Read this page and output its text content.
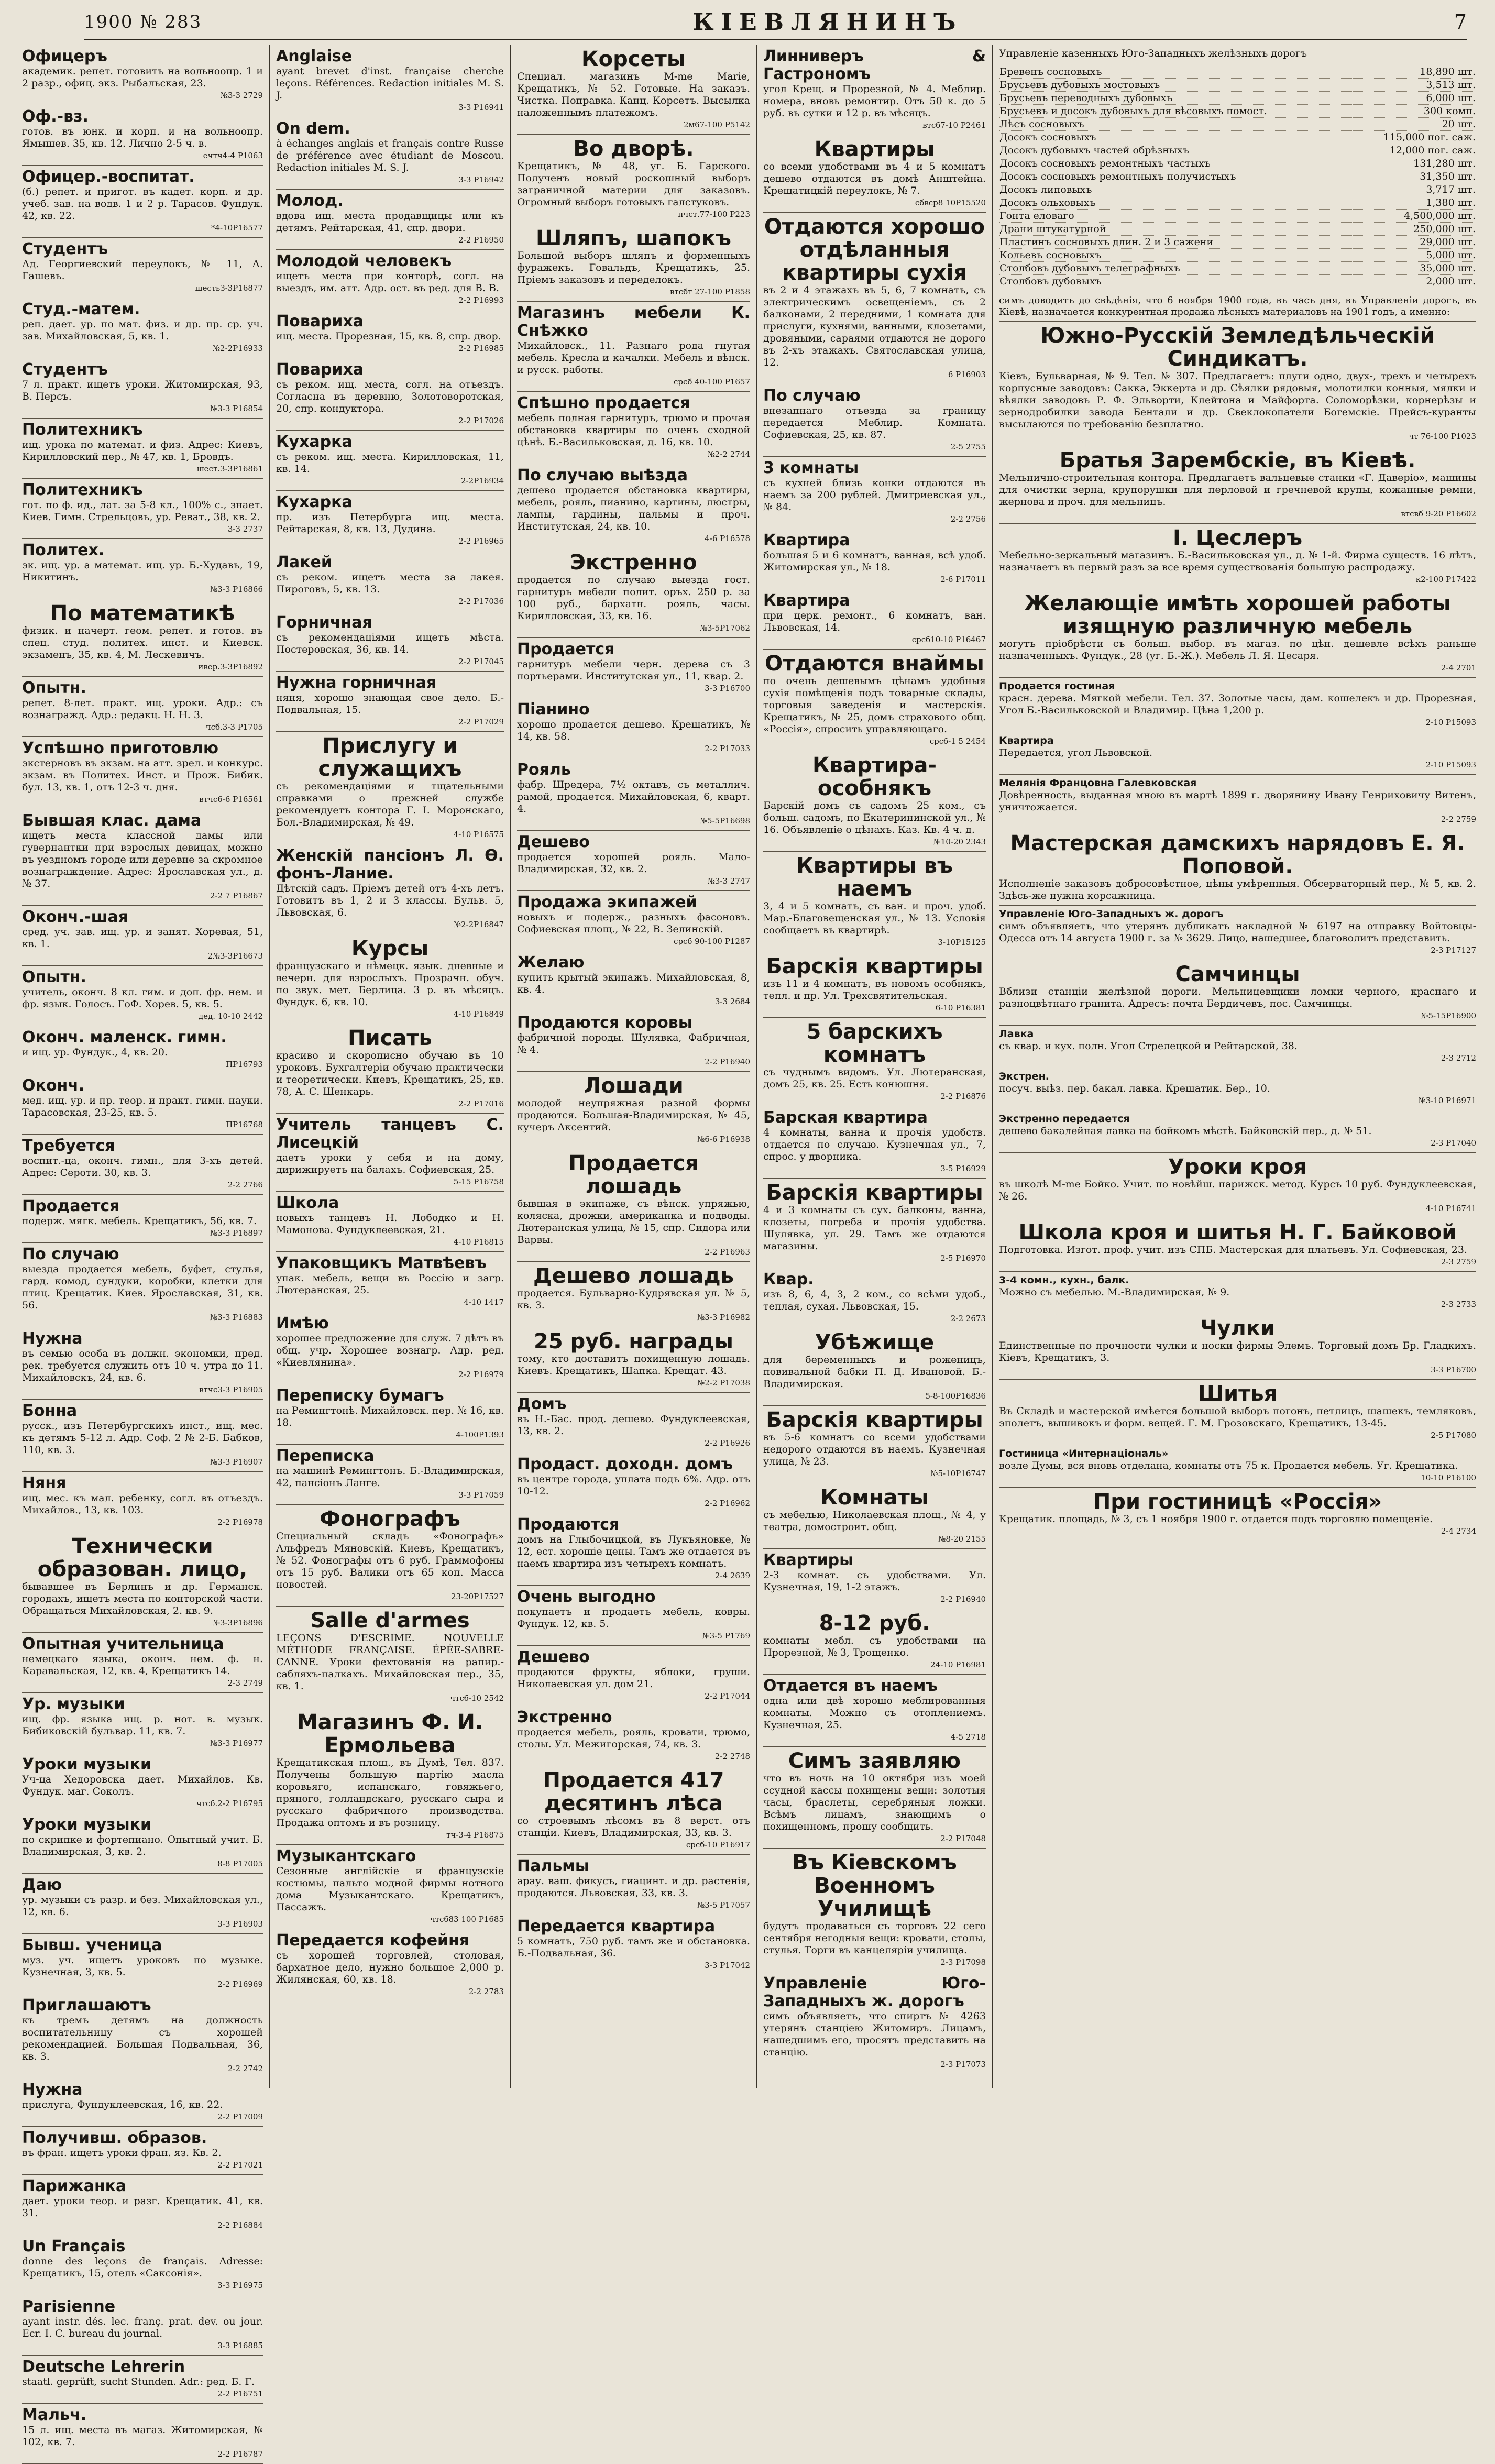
1900 № 283	КІЕВЛЯНИНЪ	7
Офицеръ
академик. репет. готовитъ на вольноопр. 1 и 2 разр., офиц. экз. Рыбальская, 23.
№3-3 2729
Оф.-вз.
готов. въ юнк. и корп. и на вольноопр. Ямышев. 35, кв. 12. Лично 2-5 ч. в.
ечтч4-4 P1063
Офицер.-воспитат.
(б.) репет. и пригот. въ кадет. корп. и др. учеб. зав. на водв. 1 и 2 р. Тарасов. Фундук. 42, кв. 22.
*4-10P16577
Студентъ
Ад. Георгиевский переулокъ, № 11, А. Гашевъ.
шестьЗ-3P16877
Студ.-матем.
реп. дает. ур. по мат. физ. и др. пр. ср. уч. зав. Михайловская, 5, кв. 1.
№2-2P16933
Студентъ
7 л. практ. ищетъ уроки. Житомирская, 93, В. Персъ.
№3-3 P16854
Политехникъ
ищ. урока по математ. и физ. Адрес: Киевъ, Кирилловский пер., № 47, кв. 1, Бровдъ.
шест.3-3P16861
Политехникъ
гот. по ф. ид., лат. за 5-8 кл., 100% с., знает. Киев. Гимн. Стрельцовъ, ур. Реват., 38, кв. 2.
3-3 2737
Политех.
эк. ищ. ур. а математ. ищ. ур. Б.-Худавъ, 19, Никитинъ.
№3-3 P16866
По математикѣ
физик. и начерт. геом. репет. и готов. въ спец. студ. политех. инст. и Киевск. экзаменъ, 35, кв. 4, М. Лескевичъ.
ивер.3-3P16892
Опытн.
репет. 8-лет. практ. ищ. уроки. Адр.: съ вознагражд. Адр.: редакц. Н. Н. 3.
чсб.3-3 P1705
Успѣшно приготовлю
экстерновъ въ экзам. на атт. зрел. и конкурс. экзам. въ Политех. Инст. и Прож. Бибик. бул. 13, кв. 1, отъ 12-3 ч. дня.
втчс6-6 P16561
Бывшая клас. дама
ищетъ места классной дамы или гувернантки при взрослых девицах, можно въ уездномъ городе или деревне за скромное вознаграждение. Адрес: Ярославская ул., д. № 37.
2-2 7 P16867
Оконч.-шая
сред. уч. зав. ищ. ур. и занят. Хоревая, 51, кв. 1.
2№3-3P16673
Опытн.
учитель, оконч. 8 кл. гим. и доп. фр. нем. и фр. язык. Голосъ. ГоФ. Хорев. 5, кв. 5.
дед. 10-10 2442
Оконч. маленск. гимн.
и ищ. ур. Фундук., 4, кв. 20.
ПР16793
Оконч.
мед. ищ. ур. и пр. теор. и практ. гимн. науки. Тарасовская, 23-25, кв. 5.
ПР16768
Требуется
воспит.-ца, оконч. гимн., для 3-хъ детей. Адрес: Сероти. 30, кв. 3.
2-2 2766
Продается
подерж. мягк. мебель. Крещатикъ, 56, кв. 7.
№3-3 P16897
По случаю
выезда продается мебель, буфет, стулья, гард. комод, сундуки, коробки, клетки для птиц. Крещатик. Киев. Ярославская, 31, кв. 56.
№3-3 P16883
Нужна
въ семью особа въ должн. экономки, пред. рек. требуется служить отъ 10 ч. утра до 11. Михайловскъ, 24, кв. 6.
втчс3-3 P16905
Бонна
русск., изъ Петербургскихъ инст., ищ. мес. къ детямъ 5-12 л. Адр. Соф. 2 № 2-Б. Бабков, 110, кв. 3.
№3-3 P16907
Няня
ищ. мес. къ мал. ребенку, согл. въ отъездъ. Михайлов., 13, кв. 103.
2-2 P16978
Технически образован. лицо,
бывавшее въ Берлинъ и др. Германск. городахъ, ищетъ места по конторской части. Обращаться Михайловская, 2. кв. 9.
№3-3P16896
Опытная учительница
немецкаго языка, оконч. нем. ф. н. Каравальская, 12, кв. 4, Крещатикъ 14.
2-3 2749
Ур. музыки
ищ. фр. языка ищ. р. нот. в. музык. Бибиковскій бульвар. 11, кв. 7.
№3-3 P16977
Уроки музыки
Уч-ца Хедоровска дает. Михайлов. Кв. Фундук. маг. Соколъ.
чтсб.2-2 P16795
Уроки музыки
по скрипке и фортепиано. Опытный учит. Б. Владимирская, 3, кв. 2.
8-8 P17005
Даю
ур. музыки съ разр. и без. Михайловская ул., 12, кв. 6.
3-3 P16903
Бывш. ученица
муз. уч. ищетъ уроковъ по музыке. Кузнечная, 3, кв. 5.
2-2 P16969
Приглашаютъ
къ тремъ детямъ на должность воспитательницу съ хорошей рекомендацией. Большая Подвальная, 36, кв. 3.
2-2 2742
Нужна
прислуга, Фундуклеевская, 16, кв. 22.
2-2 P17009
Получивш. образов.
въ фран. ищетъ уроки фран. яз. Кв. 2.
2-2 P17021
Парижанка
дает. уроки теор. и разг. Крещатик. 41, кв. 31.
2-2 P16884
Un Français
donne des leçons de français. Adresse: Крещатикъ, 15, отель «Саксонія».
3-3 P16975
Parisienne
ayant instr. dés. lec. franç. prat. dev. ou jour. Ecr. I. C. bureau du journal.
3-3 P16885
Deutsche Lehrerin
staatl. geprüft, sucht Stunden. Adr.: ред. Б. Г.
2-2 P16751
Мальч.
15 л. ищ. места въ магаз. Житомирская, № 102, кв. 7.
2-2 P16787
Anglaise
ayant brevet d'inst. française cherche leçons. Références. Redaction initiales M. S. J.
3-3 P16941
On dem.
à échanges anglais et français contre Russe de préférence avec étudiant de Moscou. Redaction initiales M. S. J.
3-3 P16942
Молод.
вдова ищ. места продавщицы или къ детямъ. Рейтарская, 41, спр. двори.
2-2 P16950
Молодой человекъ
ищетъ места при конторѣ, согл. на выездъ, им. атт. Адр. ост. въ ред. для В. В.
2-2 P16993
Повариха
ищ. места. Прорезная, 15, кв. 8, спр. двор.
2-2 P16985
Повариха
съ реком. ищ. места, согл. на отъездъ. Соглаcна въ деревню, Золотоворотская, 20, спр. кондуктора.
2-2 P17026
Кухарка
съ реком. ищ. места. Кирилловская, 11, кв. 14.
2-2P16934
Кухарка
пр. изъ Петербурга ищ. места. Рейтарская, 8, кв. 13, Дудина.
2-2 P16965
Лакей
съ реком. ищетъ места за лакея. Пироговъ, 5, кв. 13.
2-2 P17036
Горничная
съ рекомендаціями ищетъ мѣста. Постеровская, 36, кв. 14.
2-2 P17045
Нужна горничная
няня, хорошо знающая свое дело. Б.-Подвальная, 15.
2-2 P17029
Прислугу и служащихъ
съ рекомендаціями и тщательными справками о прежней службе рекомендуетъ контора Г. І. Моронскаго, Бол.-Владимирская, № 49.
4-10 P16575
Женскій пансіонъ Л. Ө. фонъ-Лание.
Дѣтскій садъ. Пріемъ детей отъ 4-хъ летъ. Готовитъ въ 1, 2 и 3 классы. Бульв. 5, Львовская, 6.
№2-2P16847
Курсы
французскаго и нѣмецк. язык. дневные и вечерн. для взрослыхъ. Прозрачн. обуч. по звук. мет. Берлица. 3 р. въ мѣсяцъ. Фундук. 6, кв. 10.
4-10 P16849
Писать
красиво и скорописно обучаю въ 10 уроковъ. Бухгалтеріи обучаю практически и теоретически. Киевъ, Крещатикъ, 25, кв. 78, А. С. Шенкарь.
2-2 P17016
Учитель танцевъ С. Лисецкій
даетъ уроки у себя и на дому, дирижируетъ на балахъ. Софиевская, 25.
5-15 P16758
Школа
новыхъ танцевъ Н. Лободко и Н. Мамонова. Фундуклеевская, 21.
4-10 P16815
Упаковщикъ Матвѣевъ
упак. мебель, вещи въ Россію и загр. Лютеранская, 25.
4-10 1417
Имѣю
хорошее предложение для служ. 7 дѣтъ въ общ. учр. Хорошее вознагр. Адр. ред. «Киевлянина».
2-2 P16979
Переписку бумагъ
на Ремингтонѣ. Михайловск. пер. № 16, кв. 18.
4-100P1393
Переписка
на машинѣ Ремингтонъ. Б.-Владимирская, 42, пансіонъ Ланге.
3-3 P17059
Фонографъ
Специальный складъ «Фонографъ» Альфредъ Мяновскій. Киевъ, Крещатикъ, № 52. Фонографы отъ 6 руб. Граммофоны отъ 15 руб. Валики отъ 65 коп. Масса новостей.
23-20P17527
Salle d'armes
LEÇONS D'ESCRIME. NOUVELLE MÉTHODE FRANÇAISE. ÉPÉE-SABRE-CANNE. Уроки фехтованія на рапир.-сабляхъ-палкахъ. Михайловская пер., 35, кв. 1.
чтсб-10 2542
Магазинъ Ф. И. Ермольева
Крещатикская площ., въ Думѣ, Тел. 837. Получены большую партію масла коровьяго, испанскаго, говяжьего, пряного, голландскаго, русскаго сыра и русскаго фабричного производства. Продажа оптомъ и въ розницу.
тч-3-4 P16875
Музыкантскаго
Сезонные англійскіе и французскіе костюмы, пальто модной фирмы нотного дома Музыкантскаго. Крещатикъ, Пассажъ.
чтсб83 100 P1685
Передается кофейня
съ хорошей торговлей, столовая, бархатное дело, нужно большое 2,000 р. Жилянская, 60, кв. 18.
2-2 2783
Корсеты
Специал. магазинъ M-me Marie, Крещатикъ, № 52. Готовые. На заказъ. Чистка. Поправка. Канц. Корсетъ. Высылка наложеннымъ платежомъ.
2м67-100 P5142
Во дворѣ.
Крещатикъ, № 48, уг. Б. Гарского. Полученъ новый роскошный выборъ заграничной материи для заказовъ. Огромный выборъ готовыхъ галстуковъ.
пчст.77-100 P223
Шляпъ, шапокъ
Большой выборъ шляпъ и форменныхъ фуражекъ. Говальдъ, Крещатикъ, 25. Пріемъ заказовъ и переделокъ.
втсбт 27-100 P1858
Магазинъ мебели К. Снѣжко
Михайловск., 11. Разнаго рода гнутая мебель. Кресла и качалки. Мебель и вѣнск. и русск. работы.
срсб 40-100 P1657
Спѣшно продается
мебель полная гарнитуръ, трюмо и прочая обстановка квартиры по очень сходной цѣнѣ. Б.-Васильковская, д. 16, кв. 10.
№2-2 2744
По случаю выѣзда
дешево продается обстановка квартиры, мебель, рояль, пианино, картины, люстры, лампы, гардины, пальмы и проч. Институтская, 24, кв. 10.
4-6 P16578
Экстренно
продается по случаю выезда гост. гарнитуръ мебели полит. оръх. 250 р. за 100 руб., бархатн. рояль, часы. Кирилловская, 33, кв. 16.
№3-5P17062
Продается
гарнитуръ мебели черн. дерева съ 3 портьерами. Институтская ул., 11, квар. 2.
3-3 P16700
Піанино
хорошо продается дешево. Крещатикъ, № 14, кв. 58.
2-2 P17033
Рояль
фабр. Шредера, 7½ октавъ, съ металлич. рамой, продается. Михайловская, 6, кварт. 4.
№5-5P16698
Дешево
продается хорошей рояль. Мало-Владимирская, 32, кв. 2.
№3-3 2747
Продажа экипажей
новыхъ и подерж., разныхъ фасоновъ. Софиевская площ., № 22, В. Зелинскій.
срсб 90-100 P1287
Желаю
купить крытый экипажъ. Михайловская, 8, кв. 4.
3-3 2684
Продаются коровы
фабричной породы. Шулявка, Фабричная, № 4.
2-2 P16940
Лошади
молодой неупряжная разной формы продаются. Большая-Владимирская, № 45, кучеръ Аксентий.
№6-6 P16938
Продается лошадь
бывшая в экипаже, съ вѣнск. упряжью, коляска, дрожки, американка и подводы. Лютеранская улица, № 15, спр. Сидора или Варвы.
2-2 P16963
Дешево лошадь
продается. Бульварно-Кудрявская ул. № 5, кв. 3.
№3-3 P16982
25 руб. награды
тому, кто доставитъ похищенную лошадь. Киевъ. Крещатикъ, Шапка. Крещат. 43.
№2-2 P17038
Домъ
въ Н.-Бас. прод. дешево. Фундуклеевская, 13, кв. 2.
2-2 P16926
Продаст. доходн. домъ
въ центре города, уплата подъ 6%. Адр. отъ 10-12.
2-2 P16962
Продаются
домъ на Глыбочицкой, въ Лукъяновке, № 12, ест. хорошіе цены. Тамъ же отдается въ наемъ квартира изъ четырехъ комнатъ.
2-4 2639
Очень выгодно
покупаетъ и продаетъ мебель, ковры. Фундук. 12, кв. 5.
№3-5 P1769
Дешево
продаются фрукты, яблоки, груши. Николаевская ул. дом 21.
2-2 P17044
Экстренно
продается мебель, рояль, кровати, трюмо, столы. Ул. Межигорская, 74, кв. 3.
2-2 2748
Продается 417 десятинъ лѣса
со строевымъ лѣсомъ въ 8 верст. отъ станціи. Киевъ, Владимирская, 33, кв. 3.
срсб-10 P16917
Пальмы
арау. ваш. фикусъ, гиацинт. и др. растенія, продаются. Львовская, 33, кв. 3.
№3-5 P17057
Передается квартира
5 комнатъ, 750 руб. тамъ же и обстановка. Б.-Подвальная, 36.
3-3 P17042
Линниверъ & Гастрономъ
угол Крещ. и Прорезной, № 4. Меблир. номера, вновь ремонтир. Отъ 50 к. до 5 руб. въ сутки и 12 р. въ мѣсяцъ.
втсб7-10 P2461
Квартиры
со всеми удобствами въ 4 и 5 комнатъ дешево отдаются въ домѣ Анштейна. Крещатицкій переулокъ, № 7.
сбвср8 10P15520
Отдаются хорошо отдѣланныя квартиры сухія
въ 2 и 4 этажахъ въ 5, 6, 7 комнатъ, съ электрическимъ освещеніемъ, съ 2 балконами, 2 передними, 1 комната для прислуги, кухнями, ванными, клозетами, дровяными, сараями отдаются не дорого въ 2-хъ этажахъ. Святославская улица, 12.
6 P16903
По случаю
внезапнаго отъезда за границу передается Меблир. Комната. Софиевская, 25, кв. 87.
2-5 2755
3 комнаты
съ кухней близь конки отдаются въ наемъ за 200 рублей. Дмитриевская ул., № 84.
2-2 2756
Квартира
большая 5 и 6 комнатъ, ванная, всѣ удоб. Житомирская ул., № 18.
2-6 P17011
Квартира
при церк. ремонт., 6 комнатъ, ван. Львовская, 14.
срсб10-10 P16467
Отдаются внаймы
по очень дешевымъ цѣнамъ удобныя сухія помѣщенія подъ товарные склады, торговыя заведенія и мастерскія. Крещатикъ, № 25, домъ страхового общ. «Россія», спросить управляющаго.
срсб-1 5 2454
Квартира-особнякъ
Барскій домъ съ садомъ 25 ком., съ больш. садомъ, по Екатерининской ул., № 16. Объявленіе о цѣнахъ. Каз. Кв. 4 ч. д.
№10-20 2343
Квартиры въ наемъ
3, 4 и 5 комнатъ, съ ван. и проч. удоб. Мар.-Благовещенская ул., № 13. Условія сообщаетъ въ квартирѣ.
3-10P15125
Барскія квартиры
изъ 11 и 4 комнатъ, въ новомъ особнякъ, тепл. и пр. Ул. Трехсвятительская.
6-10 P16381
5 барскихъ комнатъ
съ чуднымъ видомъ. Ул. Лютеранская, домъ 25, кв. 25. Есть конюшня.
2-2 P16876
Барская квартира
4 комнаты, ванна и прочія удобств. отдается по случаю. Кузнечная ул., 7, спрос. у дворника.
3-5 P16929
Барскія квартиры
4 и 3 комнаты съ сух. балконы, ванна, клозеты, погреба и прочія удобства. Шулявка, ул. 29. Тамъ же отдаются магазины.
2-5 P16970
Квар.
изъ 8, 6, 4, 3, 2 ком., со всѣми удоб., теплая, сухая. Львовская, 15.
2-2 2673
Убѣжище
для беременныхъ и роженицъ, повивальной бабки П. Д. Ивановой. Б.-Владимирская.
5-8-100P16836
Барскія квартиры
въ 5-6 комнатъ со всеми удобствами недорого отдаются въ наемъ. Кузнечная улица, № 23.
№5-10P16747
Комнаты
съ мебелью, Николаевская площ., № 4, у театра, домостроит. общ.
№8-20 2155
Квартиры
2-3 комнат. съ удобствами. Ул. Кузнечная, 19, 1-2 этажъ.
2-2 P16940
8-12 руб.
комнаты мебл. съ удобствами на Прорезной, № 3, Трощенко.
24-10 P16981
Отдается въ наемъ
одна или двѣ хорошо меблированныя комнаты. Можно съ отоплениемъ. Кузнечная, 25.
4-5 2718
Симъ заявляю
что въ ночь на 10 октября изъ моей ссудной кассы похищены вещи: золотыя часы, браслеты, серебряныя ложки. Всѣмъ лицамъ, знающимъ о похищенномъ, прошу сообщить.
2-2 P17048
Въ Кіевскомъ Военномъ Училищѣ
будутъ продаваться съ торговъ 22 сего сентября негодныя вещи: кровати, столы, стулья. Торги въ канцеляріи училища.
2-3 P17098
Управленіе Юго-Западныхъ ж. дорогъ
симъ объявляетъ, что спиртъ № 4263 утерянъ станціею Житомиръ. Лицамъ, нашедшимъ его, просятъ представить на станцію.
2-3 P17073
Управленіе казенныхъ Юго-Западныхъ желѣзныхъ дорогъ
Бревенъ сосновыхъ	18,890 шт.
Брусьевъ дубовыхъ мостовыхъ	3,513 шт.
Брусьевъ переводныхъ дубовыхъ	6,000 шт.
Брусьевъ и досокъ дубовыхъ для вѣсовыхъ помост.	300 комп.
Лѣсъ сосновыхъ	20 шт.
Досокъ сосновыхъ	115,000 пог. саж.
Досокъ дубовыхъ частей обрѣзныхъ	12,000 пог. саж.
Досокъ сосновыхъ ремонтныхъ частыхъ	131,280 шт.
Досокъ сосновыхъ ремонтныхъ получистыхъ	31,350 шт.
Досокъ липовыхъ	3,717 шт.
Досокъ ольховыхъ	1,380 шт.
Гонта еловаго	4,500,000 шт.
Драни штукатурной	250,000 шт.
Пластинъ сосновыхъ длин. 2 и 3 сажени	29,000 шт.
Кольевъ сосновыхъ	5,000 шт.
Столбовъ дубовыхъ телеграфныхъ	35,000 шт.
Столбовъ дубовыхъ	2,000 шт.
симъ доводитъ до свѣдѣнія, что 6 ноября 1900 года, въ часъ дня, въ Управленіи дорогъ, въ Кіевѣ, назначается конкурентная продажа лѣсныхъ материаловъ на 1901 годъ, а именно:
Южно-Русскій Земледѣльческій Синдикатъ.
Кіевъ, Бульварная, № 9. Тел. № 307. Предлагаетъ: плуги одно, двух-, трехъ и четырехъ корпусные заводовъ: Сакка, Эккерта и др. Сѣялки рядовыя, молотилки конныя, мялки и вѣялки заводовъ Р. Ф. Эльворти, Клейтона и Майфорта. Соломорѣзки, корнерѣзы и зернодробилки завода Бентали и др. Свеклокопатели Богемскіе. Прейсъ-куранты высылаются по требованію безплатно.
чт 76-100 P1023
Братья Зарембскіе, въ Кіевѣ.
Мельнично-строительная контора. Предлагаетъ вальцевые станки «Г. Даверіо», машины для очистки зерна, крупорушки для перловой и гречневой крупы, кожанные ремни, жернова и проч. для мельницъ.
втсвб 9-20 P16602
І. Цеслеръ
Мебельно-зеркальный магазинъ. Б.-Васильковская ул., д. № 1-й. Фирма существ. 16 лѣтъ, назначаетъ въ первый разъ за все время существованія большую распродажу.
к2-100 P17422
Желающіе имѣть хорошей работы изящную различную мебель
могутъ пріобрѣсти съ больш. выбор. въ магаз. по цѣн. дешевле всѣхъ раньше назначенныхъ. Фундук., 28 (уг. Б.-Ж.). Мебель Л. Я. Цесаря.
2-4 2701
Продается гостиная
красн. дерева. Мягкой мебели. Тел. 37. Золотые часы, дам. кошелекъ и др. Прорезная, Угол Б.-Васильковской и Владимир. Цѣна 1,200 р.
2-10 P15093
Квартира
Передается, угол Львовской.
2-10 P15093
Мелянія Францовна Галевковская
Довѣренность, выданная мною въ мартѣ 1899 г. дворянину Ивану Генриховичу Витенъ, уничтожается.
2-2 2759
Мастерская дамскихъ нарядовъ Е. Я. Поповой.
Исполненіе заказовъ добросовѣстное, цѣны умѣренныя. Обсерваторный пер., № 5, кв. 2. Здѣсь-же нужна корсажница.
Управленіе Юго-Западныхъ ж. дорогъ
симъ объявляетъ, что утерянъ дубликатъ накладной № 6197 на отправку Войтовцы-Одесса отъ 14 августа 1900 г. за № 3629. Лицо, нашедшее, благоволитъ представить.
2-3 P17127
Самчинцы
Вблизи станціи желѣзной дороги. Мельницевщики ломки черного, краснаго и разноцвѣтнаго гранита. Адресъ: почта Бердичевъ, пос. Самчинцы.
№5-15P16900
Лавка
съ квар. и кух. полн. Угол Стрелецкой и Рейтарской, 38.
2-3 2712
Экстрен.
посуч. выѣз. пер. бакал. лавка. Крещатик. Бер., 10.
№3-10 P16971
Экстренно передается
дешево бакалейная лавка на бойкомъ мѣстѣ. Байковскій пер., д. № 51.
2-3 P17040
Уроки кроя
въ школѣ M-me Бойко. Учит. по новѣйш. парижск. метод. Курсъ 10 руб. Фундуклеевская, № 26.
4-10 P16741
Школа кроя и шитья Н. Г. Байковой
Подготовка. Изгот. проф. учит. изъ СПБ. Мастерская для платьевъ. Ул. Софиевская, 23.
2-3 2759
3-4 комн., кухн., балк.
Можно съ мебелью. М.-Владимирская, № 9.
2-3 2733
Чулки
Единственные по прочности чулки и носки фирмы Элемъ. Торговый домъ Бр. Гладкихъ. Кіевъ, Крещатикъ, 3.
3-3 P16700
Шитья
Въ Складѣ и мастерской имѣется большой выборъ погонъ, петлицъ, шашекъ, темляковъ, эполетъ, вышивокъ и форм. вещей. Г. М. Грозовскаго, Крещатикъ, 13-45.
2-5 P17080
Гостиница «Интернаціональ»
возле Думы, вся вновь отделана, комнаты отъ 75 к. Продается мебель. Уг. Крещатика.
10-10 P16100
При гостиницѣ «Россія»
Крещатик. площадь, № 3, съ 1 ноября 1900 г. отдается подъ торговлю помещеніе.
2-4 2734
